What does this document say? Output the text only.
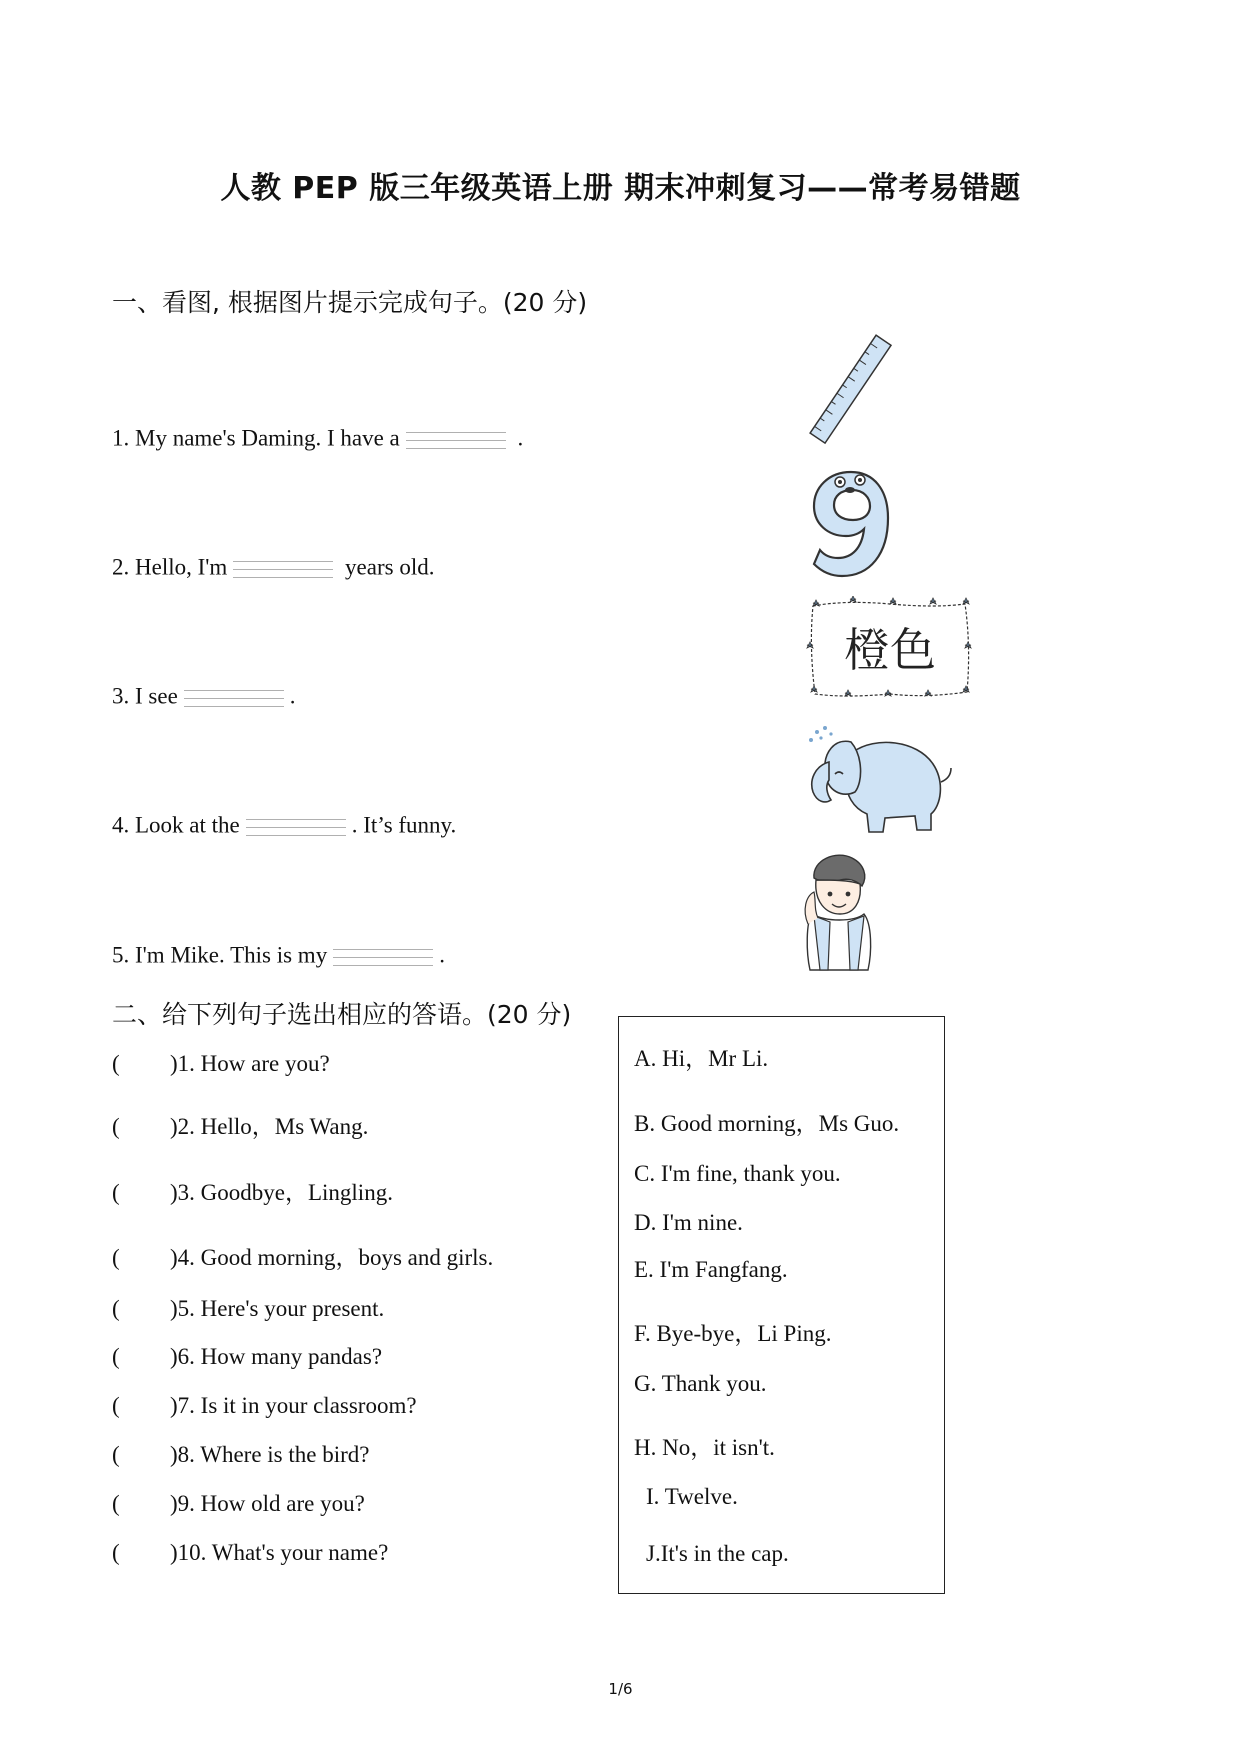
人教 PEP 版三年级英语上册 期末冲刺复习——常考易错题
一、看图, 根据图片提示完成句子。(20 分)
1. My name's Daming. I have a	.
2. Hello, I'm	years old.
3. I see	.
4. Look at the	. It’s funny.
5. I'm Mike. This is my	.
橙色
二、给下列句子选出相应的答语。(20 分)
( )1. How are you?
( )2. Hello，Ms Wang.
( )3. Goodbye，Lingling.
( )4. Good morning，boys and girls.
( )5. Here's your present.
( )6. How many pandas?
( )7. Is it in your classroom?
( )8. Where is the bird?
( )9. How old are you?
( )10. What's your name?
A. Hi，Mr Li.
B. Good morning，Ms Guo.
C. I'm fine, thank you.
D. I'm nine.
E. I'm Fangfang.
F. Bye-bye，Li Ping.
G. Thank you.
H. No，it isn't.
I. Twelve.
J.It's in the cap.
1/6
